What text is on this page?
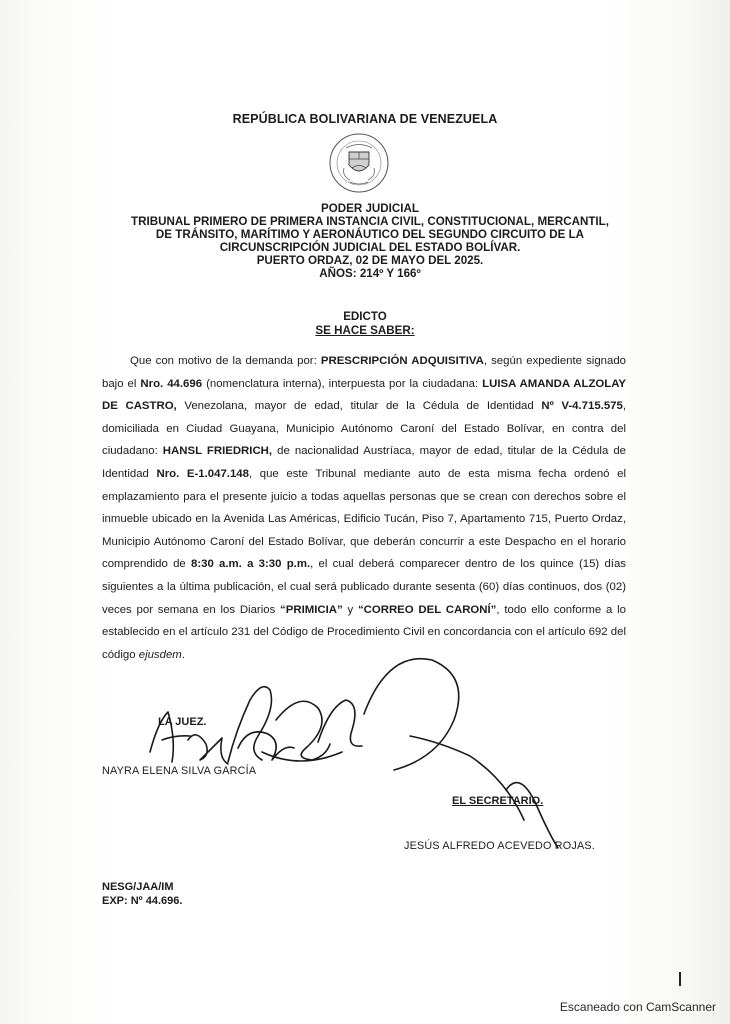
REPÚBLICA BOLIVARIANA DE VENEZUELA
PODER JUDICIAL
TRIBUNAL PRIMERO DE PRIMERA INSTANCIA CIVIL, CONSTITUCIONAL, MERCANTIL,
DE TRÁNSITO, MARÍTIMO Y AERONÁUTICO DEL SEGUNDO CIRCUITO DE LA
CIRCUNSCRIPCIÓN JUDICIAL DEL ESTADO BOLÍVAR.
PUERTO ORDAZ, 02 DE MAYO DEL 2025.
AÑOS: 214º Y 166º
EDICTO
SE HACE SABER:

Que con motivo de la demanda por: PRESCRIPCIÓN ADQUISITIVA, según expediente signado bajo el Nro. 44.696 (nomenclatura interna), interpuesta por la ciudadana: LUISA AMANDA ALZOLAY DE CASTRO, Venezolana, mayor de edad, titular de la Cédula de Identidad Nº V-4.715.575, domiciliada en Ciudad Guayana, Municipio Autónomo Caroní del Estado Bolívar, en contra del ciudadano: HANSL FRIEDRICH, de nacionalidad Austríaca, mayor de edad, titular de la Cédula de Identidad Nro. E-1.047.148, que este Tribunal mediante auto de esta misma fecha ordenó el emplazamiento para el presente juicio a todas aquellas personas que se crean con derechos sobre el inmueble ubicado en la Avenida Las Américas, Edificio Tucán, Piso 7, Apartamento 715, Puerto Ordaz, Municipio Autónomo Caroní del Estado Bolívar, que deberán concurrir a este Despacho en el horario comprendido de 8:30 a.m. a 3:30 p.m., el cual deberá comparecer dentro de los quince (15) días siguientes a la última publicación, el cual será publicado durante sesenta (60) días continuos, dos (02) veces por semana en los Diarios “PRIMICIA” y “CORREO DEL CARONÍ”, todo ello conforme a lo establecido en el artículo 231 del Código de Procedimiento Civil en concordancia con el artículo 692 del código ejusdem.

LA JUEZ.
NAYRA ELENA SILVA GARCÍA
EL SECRETARIO.
JESÚS ALFREDO ACEVEDO ROJAS.
NESG/JAA/IM
EXP: Nº 44.696.
Escaneado con CamScanner
